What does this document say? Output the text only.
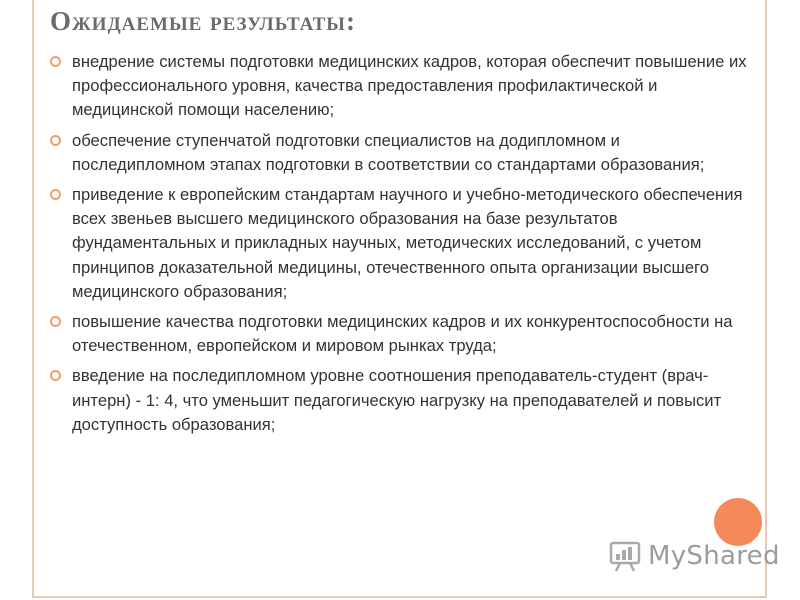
Ожидаемые результаты:
внедрение системы подготовки медицинских кадров, которая обеспечит повышение их профессионального уровня, качества предоставления профилактической и медицинской помощи населению;
обеспечение ступенчатой подготовки специалистов на додипломном и последипломном этапах подготовки в соответствии со стандартами образования;
приведение к европейским стандартам научного и учебно-методического обеспечения всех звеньев высшего медицинского образования на базе результатов фундаментальных и прикладных научных, методических исследований, с учетом принципов доказательной медицины, отечественного опыта организации высшего медицинского образования;
повышение качества подготовки медицинских кадров и их конкурентоспособности на отечественном, европейском и мировом рынках труда;
введение на последипломном уровне соотношения преподаватель-студент (врач-интерн) - 1: 4, что уменьшит педагогическую нагрузку на преподавателей и повысит доступность образования;
MyShared
